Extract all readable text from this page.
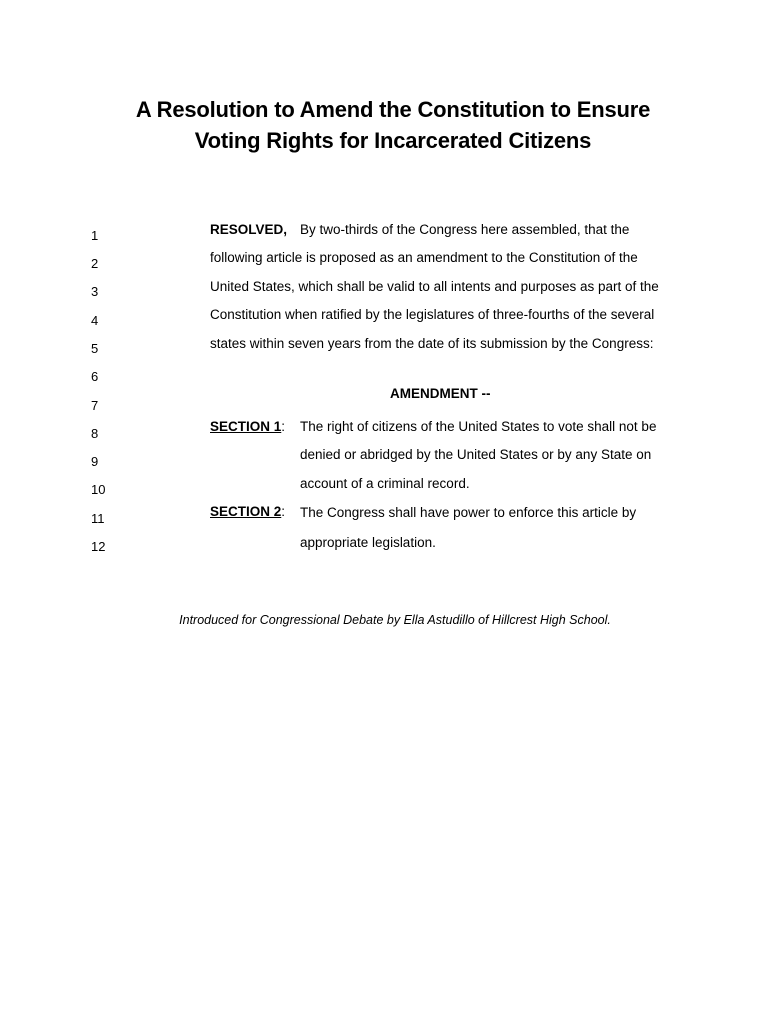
A Resolution to Amend the Constitution to Ensure
Voting Rights for Incarcerated Citizens
1
2
3
4
5
6
7
8
9
10
11
12
RESOLVED, By two-thirds of the Congress here assembled, that the following article is proposed as an amendment to the Constitution of the United States, which shall be valid to all intents and purposes as part of the Constitution when ratified by the legislatures of three-fourths of the several states within seven years from the date of its submission by the Congress:
AMENDMENT --
SECTION 1: The right of citizens of the United States to vote shall not be denied or abridged by the United States or by any State on account of a criminal record.
SECTION 2: The Congress shall have power to enforce this article by appropriate legislation.
Introduced for Congressional Debate by Ella Astudillo of Hillcrest High School.
